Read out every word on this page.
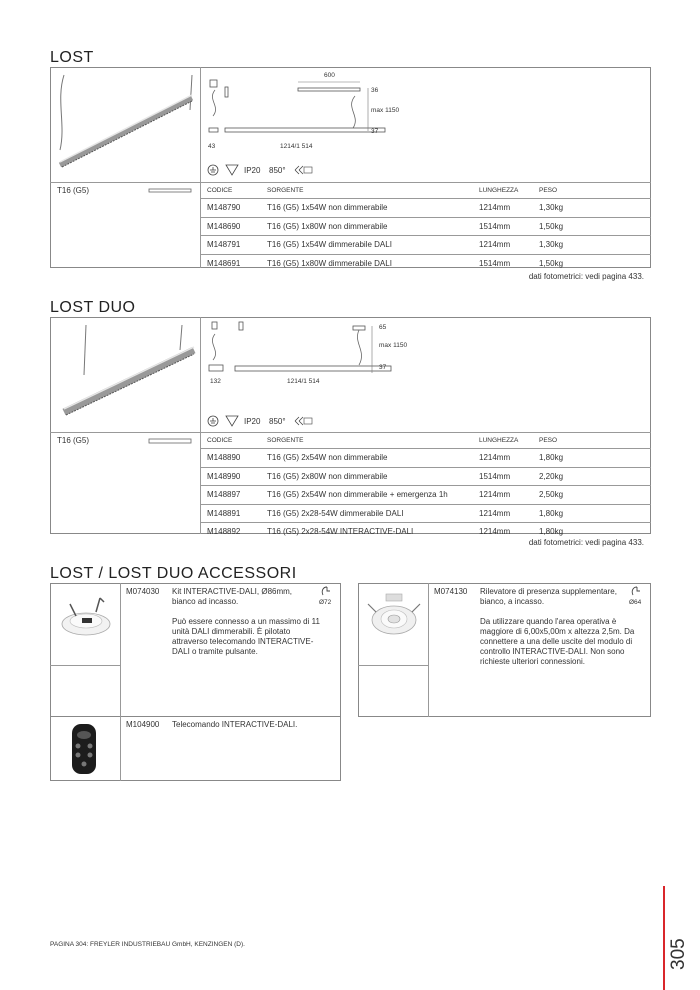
LOST
600
36
max 1150
37
43	1214/1 514
IP20 850°
T16 (G5)	CODICE	SORGENTE	LUNGHEZZA	PESO
M148790	T16 (G5) 1x54W non dimmerabile	1214mm	1,30kg
M148690	T16 (G5) 1x80W non dimmerabile	1514mm	1,50kg
M148791	T16 (G5) 1x54W dimmerabile DALI	1214mm	1,30kg
M148691	T16 (G5) 1x80W dimmerabile DALI	1514mm	1,50kg
dati fotometrici: vedi pagina 433.
LOST DUO
65
max 1150
37
132	1214/1 514
IP20 850°
T16 (G5)	CODICE	SORGENTE	LUNGHEZZA	PESO
M148890	T16 (G5) 2x54W non dimmerabile	1214mm	1,80kg
M148990	T16 (G5) 2x80W non dimmerabile	1514mm	2,20kg
M148897	T16 (G5) 2x54W non dimmerabile + emergenza 1h	1214mm	2,50kg
M148891	T16 (G5) 2x28-54W dimmerabile DALI	1214mm	1,80kg
M148892	T16 (G5) 2x28-54W INTERACTIVE-DALI	1214mm	1,80kg
dati fotometrici: vedi pagina 433.
LOST / LOST DUO ACCESSORI
M074030 Kit INTERACTIVE-DALI, Ø86mm, bianco ad incasso.	Ø72
Può essere connesso a un massimo di 11 unità DALI dimmerabili. È pilotato attraverso telecomando INTERACTIVE-DALI o tramite pulsante.
M074130 Rilevatore di presenza supplementare, bianco, a incasso.	Ø64
Da utilizzare quando l'area operativa è maggiore di 6,00x5,00m x altezza 2,5m. Da connettere a una delle uscite del modulo di controllo INTERACTIVE-DALI. Non sono richieste ulteriori connessioni.
M104900 Telecomando INTERACTIVE-DALI.
PAGINA 304: FREYLER INDUSTRIEBAU GmbH, KENZINGEN (D).	305
